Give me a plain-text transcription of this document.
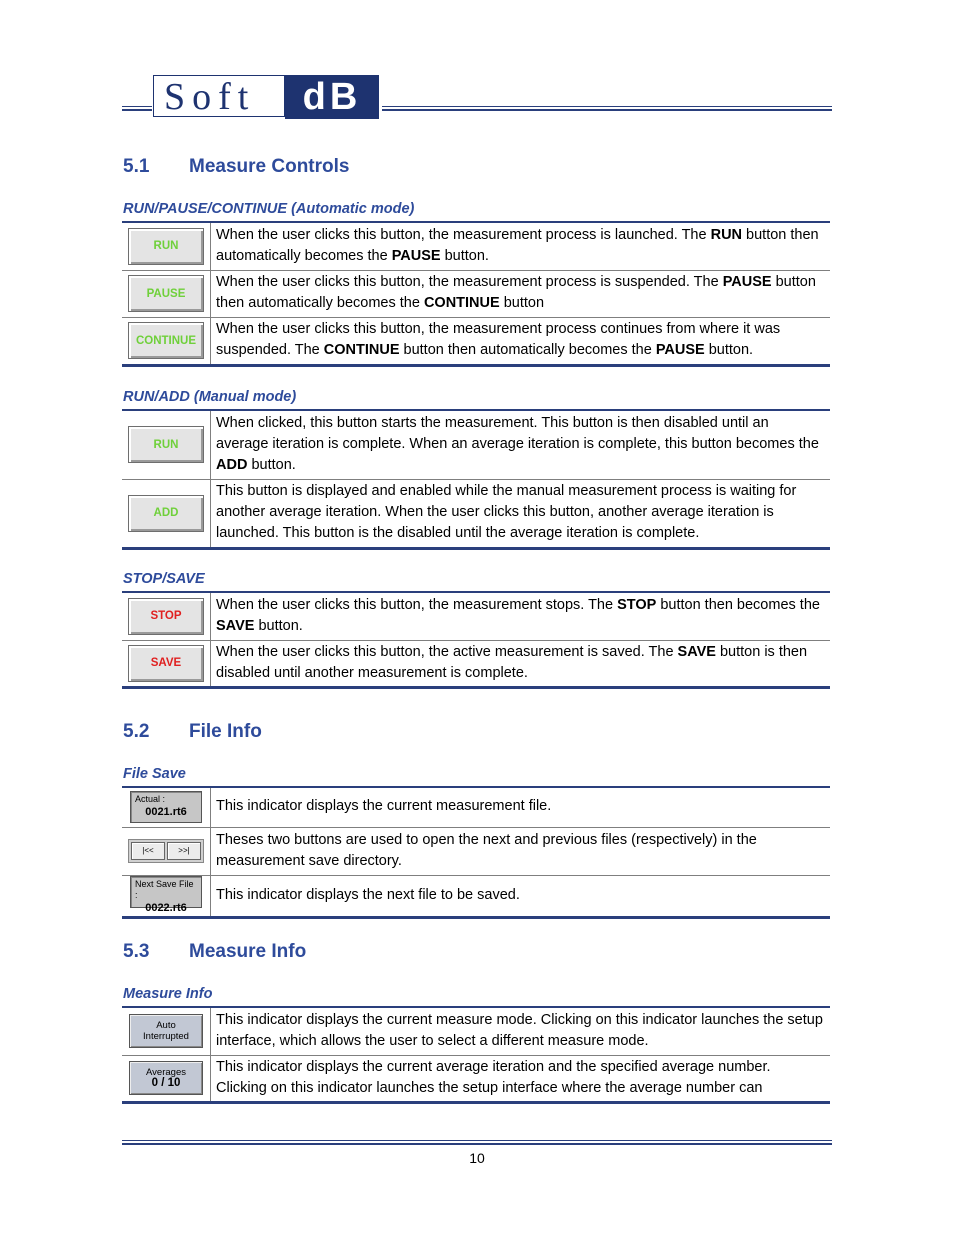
Soft	dB
5.1 Measure Controls
RUN/PAUSE/CONTINUE (Automatic mode)
RUN	When the user clicks this button, the measurement process is launched. The RUN button then automatically becomes the PAUSE button.
PAUSE	When the user clicks this button, the measurement process is suspended. The PAUSE button then automatically becomes the CONTINUE button
CONTINUE	When the user clicks this button, the measurement process continues from where it was suspended. The CONTINUE button then automatically becomes the PAUSE button.
RUN/ADD (Manual mode)
RUN	When clicked, this button starts the measurement. This button is then disabled until an average iteration is complete. When an average iteration is complete, this button becomes the ADD button.
ADD	This button is displayed and enabled while the manual measurement process is waiting for another average iteration. When the user clicks this button, another average iteration is launched. This button is the disabled until the average iteration is complete.
STOP/SAVE
STOP	When the user clicks this button, the measurement stops. The STOP button then becomes the SAVE button.
SAVE	When the user clicks this button, the active measurement is saved. The SAVE button is then disabled until another measurement is complete.
5.2 File Info
File Save
Actual :
0021.rt6	This indicator displays the current measurement file.

|<< >>|	Theses two buttons are used to open the next and previous files (respectively) in the measurement save directory.
Next Save File :
0022.rt6	This indicator displays the next file to be saved.
5.3 Measure Info
Measure Info
Auto
Interrupted	This indicator displays the current measure mode. Clicking on this indicator launches the setup interface, which allows the user to select a different measure mode.
Averages
0 / 10	This indicator displays the current average iteration and the specified average number. Clicking on this indicator launches the setup interface where the average number can
10
